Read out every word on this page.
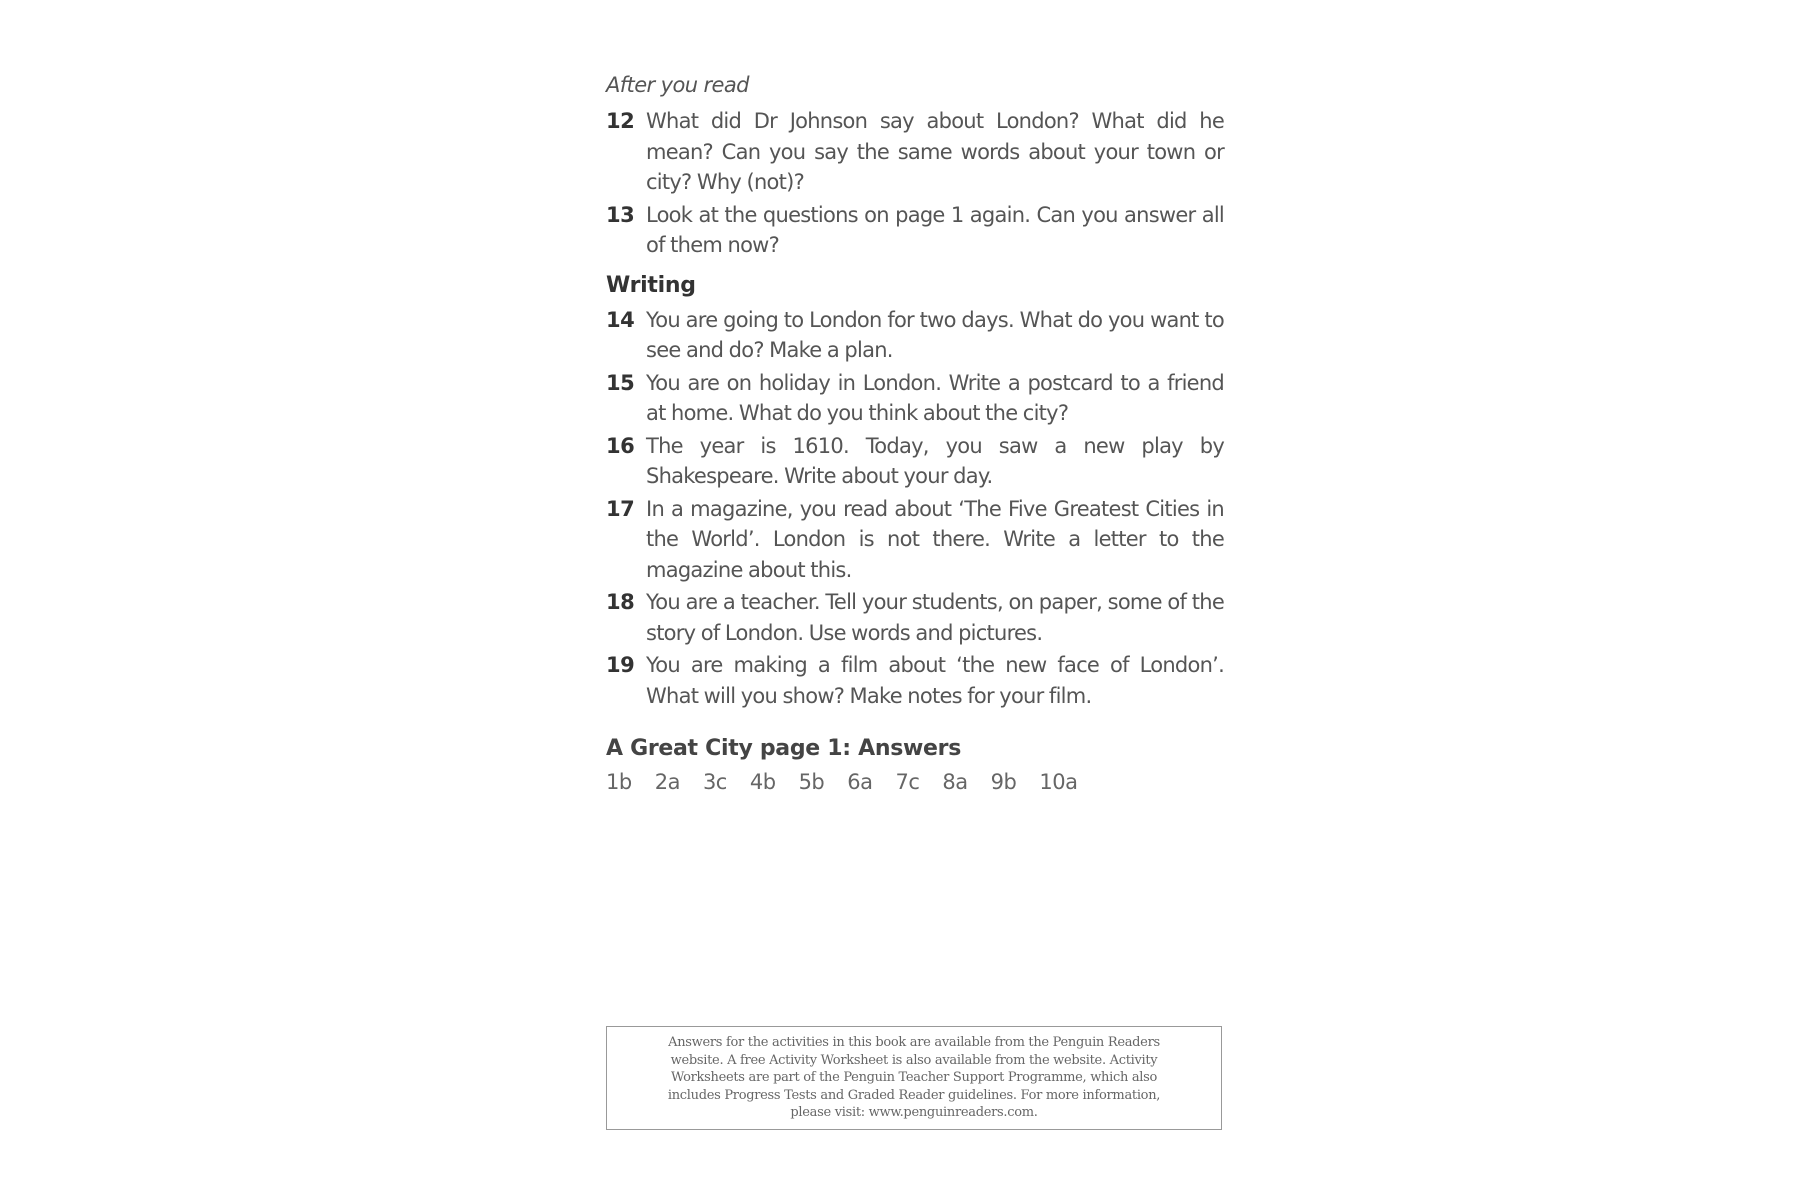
After you read
12 What did Dr Johnson say about London? What did he mean? Can you say the same words about your town or city? Why (not)?
13 Look at the questions on page 1 again. Can you answer all of them now?
Writing
14 You are going to London for two days. What do you want to see and do? Make a plan.
15 You are on holiday in London. Write a postcard to a friend at home. What do you think about the city?
16 The year is 1610. Today, you saw a new play by Shakespeare. Write about your day.
17 In a magazine, you read about ‘The Five Greatest Cities in the World’. London is not there. Write a letter to the magazine about this.
18 You are a teacher. Tell your students, on paper, some of the story of London. Use words and pictures.
19 You are making a film about ‘the new face of London’. What will you show? Make notes for your film.
A Great City page 1: Answers
1b 2a 3c 4b 5b 6a 7c 8a 9b 10a
Answers for the activities in this book are available from the Penguin Readers website. A free Activity Worksheet is also available from the website. Activity Worksheets are part of the Penguin Teacher Support Programme, which also includes Progress Tests and Graded Reader guidelines. For more information, please visit: www.penguinreaders.com.
